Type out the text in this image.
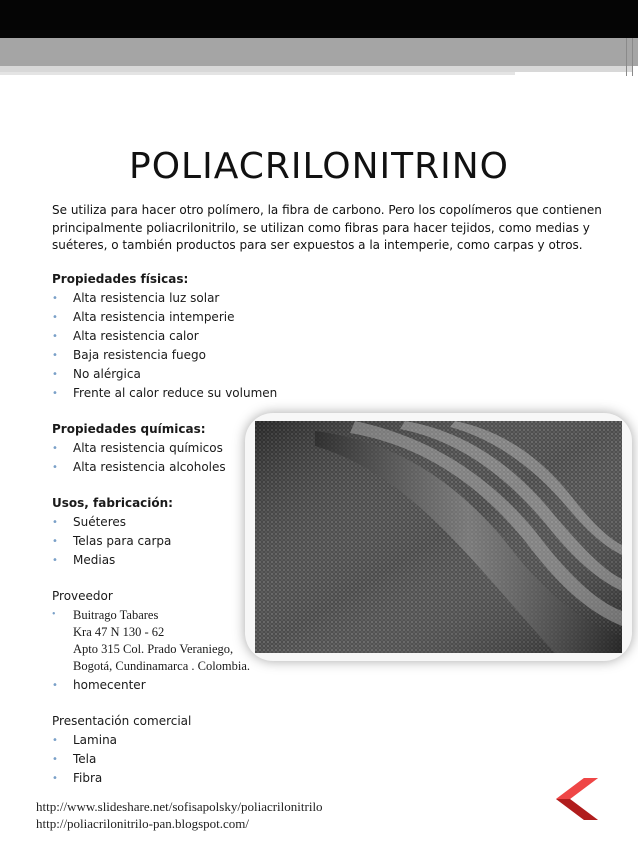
POLIACRILONITRINO

Se utiliza para hacer otro polímero, la fibra de carbono. Pero los copolímeros que contienen principalmente poliacrilonitrilo, se utilizan como fibras para hacer tejidos, como medias y suéteres, o también productos para ser expuestos a la intemperie, como carpas y otros.

Propiedades físicas:
• Alta resistencia luz solar
• Alta resistencia intemperie
• Alta resistencia calor
• Baja resistencia fuego
• No alérgica
• Frente al calor reduce su volumen
Propiedades químicas:
• Alta resistencia químicos
• Alta resistencia alcoholes
Usos, fabricación:
• Suéteres
• Telas para carpa
• Medias
Proveedor
• Buitrago Tabares
Kra 47 N 130 - 62
Apto 315 Col. Prado Veraniego,
Bogotá, Cundinamarca . Colombia.
• homecenter
Presentación comercial
• Lamina
• Tela
• Fibra
http://www.slideshare.net/sofisapolsky/poliacrilonitrilo
http://poliacrilonitrilo-pan.blogspot.com/
